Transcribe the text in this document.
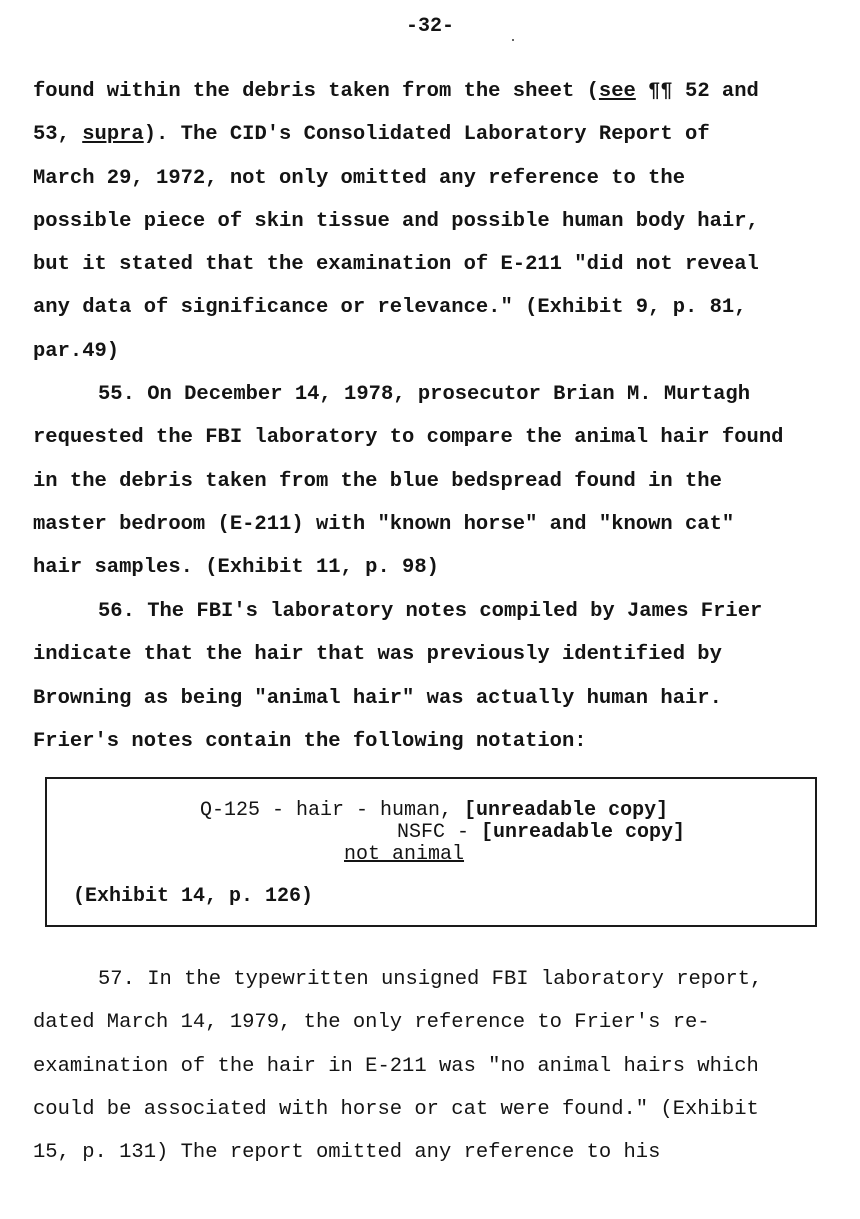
-32-
found within the debris taken from the sheet (see ¶¶ 52 and
53, supra). The CID's Consolidated Laboratory Report of
March 29, 1972, not only omitted any reference to the
possible piece of skin tissue and possible human body hair,
but it stated that the examination of E-211 "did not reveal
any data of significance or relevance." (Exhibit 9, p. 81,
par.49)
55. On December 14, 1978, prosecutor Brian M. Murtagh
requested the FBI laboratory to compare the animal hair found
in the debris taken from the blue bedspread found in the
master bedroom (E-211) with "known horse" and "known cat"
hair samples. (Exhibit 11, p. 98)
56. The FBI's laboratory notes compiled by James Frier
indicate that the hair that was previously identified by
Browning as being "animal hair" was actually human hair.
Frier's notes contain the following notation:
Q-125 - hair - human, [unreadable copy]
NSFC - [unreadable copy]
not animal
(Exhibit 14, p. 126)
57. In the typewritten unsigned FBI laboratory report,
dated March 14, 1979, the only reference to Frier's re-
examination of the hair in E-211 was "no animal hairs which
could be associated with horse or cat were found." (Exhibit
15, p. 131) The report omitted any reference to his
